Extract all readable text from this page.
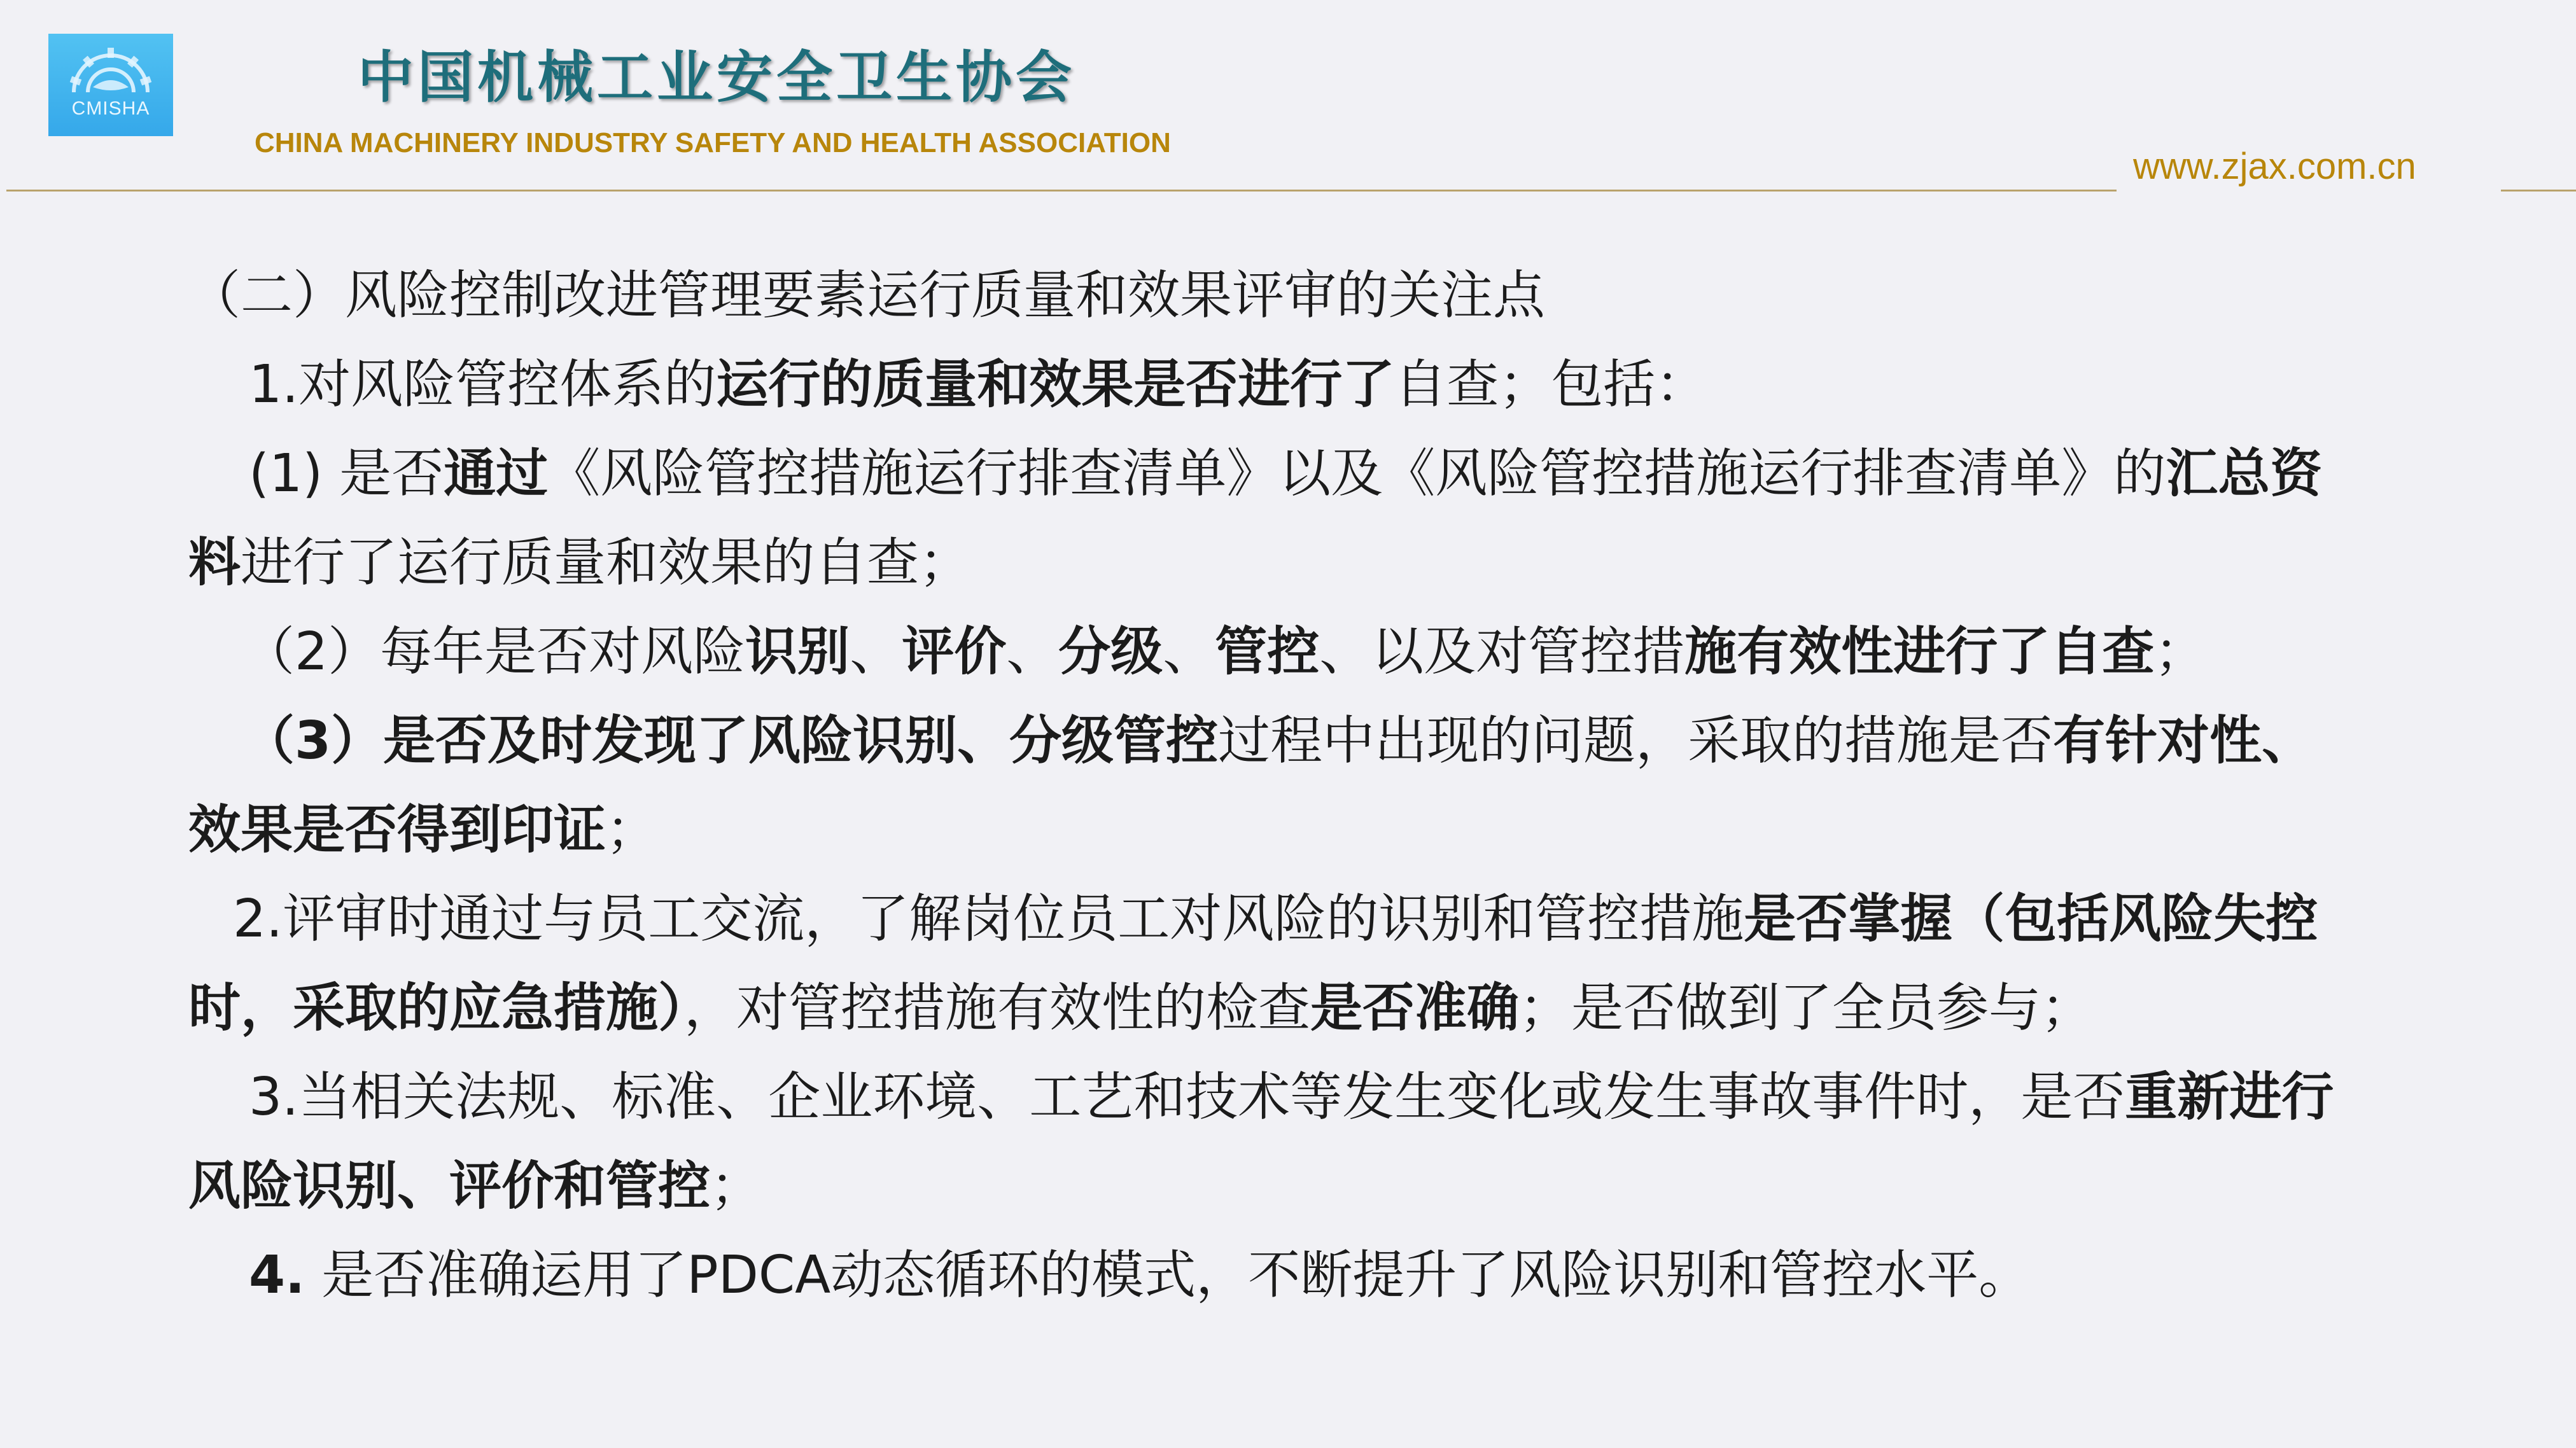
CMISHA	中国机械工业安全卫生协会
CHINA MACHINERY INDUSTRY SAFETY AND HEALTH ASSOCIATION
www.zjax.com.cn

（二）风险控制改进管理要素运行质量和效果评审的关注点

1.对风险管控体系的运行的质量和效果是否进行了自查；包括：

(1) 是否通过《风险管控措施运行排查清单》以及《风险管控措施运行排查清单》的汇总资料进行了运行质量和效果的自查；

（2）每年是否对风险识别、评价、分级、管控、以及对管控措施有效性进行了自查；

（3）是否及时发现了风险识别、分级管控过程中出现的问题，采取的措施是否有针对性、效果是否得到印证；

2.评审时通过与员工交流，了解岗位员工对风险的识别和管控措施是否掌握（包括风险失控时，采取的应急措施），对管控措施有效性的检查是否准确；是否做到了全员参与；

3.当相关法规、标准、企业环境、工艺和技术等发生变化或发生事故事件时，是否重新进行风险识别、评价和管控；

4. 是否准确运用了PDCA动态循环的模式，不断提升了风险识别和管控水平。
